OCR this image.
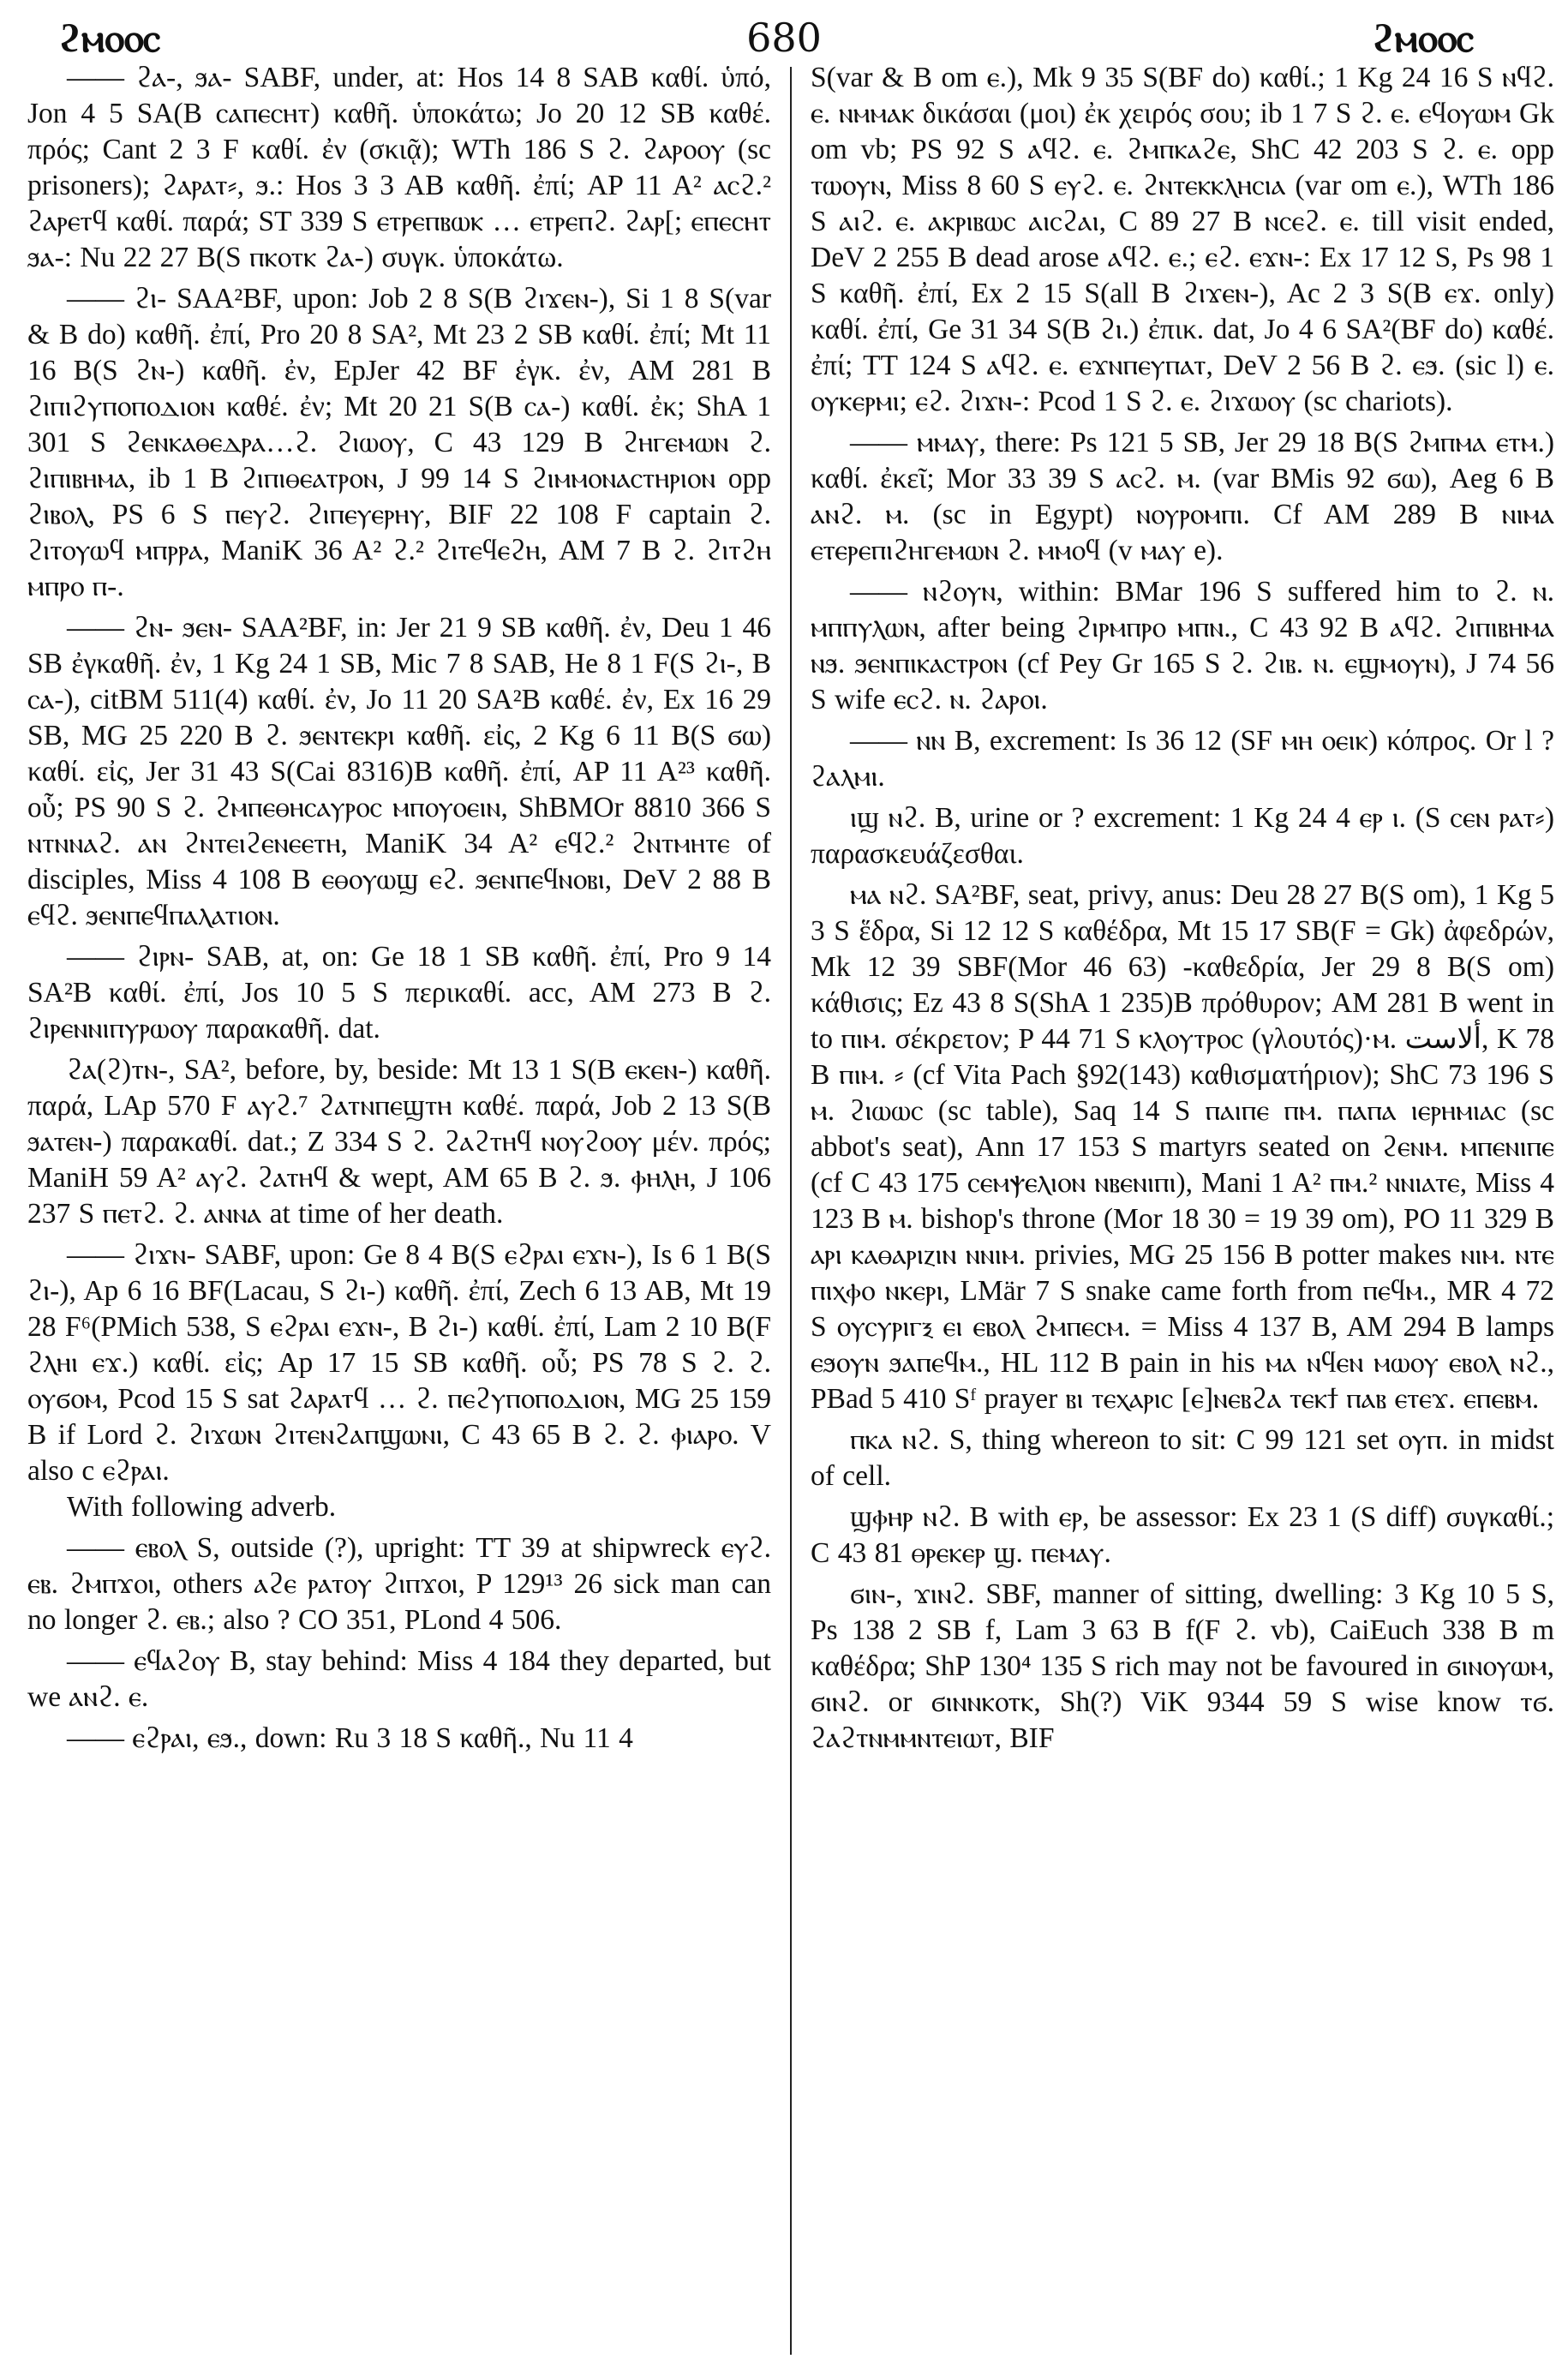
ϩⲙⲟⲟⲥ	680	ϩⲙⲟⲟⲥ

—— ϩⲁ-, ϧⲁ- SABF, under, at: Hos 14 8 SAB καθί. ὑπό, Jon 4 5 SA(B ⲥⲁⲡⲉⲥⲏⲧ) καθῆ. ὑποκάτω; Jo 20 12 SB καθέ. πρός; Cant 2 3 F καθί. ἐν (σκιᾷ); WTh 186 S ϩ. ϩⲁⲣⲟⲟⲩ (sc prisoners); ϩⲁⲣⲁⲧ⸗, ϧ.: Hos 3 3 AB καθῆ. ἐπί; AP 11 A² ⲁⲥϩ.² ϩⲁⲣⲉⲧϥ καθί. παρά; ST 339 S ⲉⲧⲣⲉⲡⲃⲱⲕ … ⲉⲧⲣⲉⲡϩ. ϩⲁⲣ[; ⲉⲡⲉⲥⲏⲧ ϧⲁ-: Nu 22 27 B(S ⲡⲕⲟⲧⲕ ϩⲁ-) συγκ. ὑποκάτω.

—— ϩⲓ- SAA²BF, upon: Job 2 8 S(B ϩⲓϫⲉⲛ-), Si 1 8 S(var & B do) καθῆ. ἐπί, Pro 20 8 SA², Mt 23 2 SB καθί. ἐπί; Mt 11 16 B(S ϩⲛ-) καθῆ. ἐν, EpJer 42 BF ἐγκ. ἐν, AM 281 B ϩⲓⲡⲓϩⲩⲡⲟⲡⲟⲇⲓⲟⲛ καθέ. ἐν; Mt 20 21 S(B ⲥⲁ-) καθί. ἐκ; ShA 1 301 S ϩⲉⲛⲕⲁⲑⲉⲇⲣⲁ…ϩ. ϩⲓⲱⲟⲩ, C 43 129 B ϩⲏⲅⲉⲙⲱⲛ ϩ. ϩⲓⲡⲓⲃⲏⲙⲁ, ib 1 B ϩⲓⲡⲓⲑⲉⲁⲧⲣⲟⲛ, J 99 14 S ϩⲓⲙⲙⲟⲛⲁⲥⲧⲏⲣⲓⲟⲛ opp ϩⲓⲃⲟⲗ, PS 6 S ⲡⲉⲩϩ. ϩⲓⲡⲉⲩⲉⲣⲏⲩ, BIF 22 108 F captain ϩ. ϩⲓⲧⲟⲩⲱϥ ⲙⲡⲣⲣⲁ, ManiK 36 A² ϩ.² ϩⲓⲧⲉϥⲉϩⲏ, AM 7 B ϩ. ϩⲓⲧϩⲏ ⲙⲡⲣⲟ ⲡ-.

—— ϩⲛ- ϧⲉⲛ- SAA²BF, in: Jer 21 9 SB καθῆ. ἐν, Deu 1 46 SB ἐγκαθῆ. ἐν, 1 Kg 24 1 SB, Mic 7 8 SAB, He 8 1 F(S ϩⲓ-, B ⲥⲁ-), citBM 511(4) καθί. ἐν, Jo 11 20 SA²B καθέ. ἐν, Ex 16 29 SB, MG 25 220 B ϩ. ϧⲉⲛⲧⲉⲕⲣⲓ καθῆ. εἰς, 2 Kg 6 11 B(S ϭⲱ) καθί. εἰς, Jer 31 43 S(Cai 8316)B καθῆ. ἐπί, AP 11 A²³ καθῆ. οὗ; PS 90 S ϩ. ϩⲙⲡⲉⲑⲏⲥⲁⲩⲣⲟⲥ ⲙⲡⲟⲩⲟⲉⲓⲛ, ShBMOr 8810 366 S ⲛⲧⲛⲛⲁϩ. ⲁⲛ ϩⲛⲧⲉⲓϩⲉⲛⲉⲉⲧⲏ, ManiK 34 A² ⲉϥϩ.² ϩⲛⲧⲙⲏⲧⲉ of disciples, Miss 4 108 B ⲉⲑⲟⲩⲱϣ ⲉϩ. ϧⲉⲛⲡⲉϥⲛⲟⲃⲓ, DeV 2 88 B ⲉϥϩ. ϧⲉⲛⲡⲉϥⲡⲁⲗⲁⲧⲓⲟⲛ.

—— ϩⲓⲣⲛ- SAB, at, on: Ge 18 1 SB καθῆ. ἐπί, Pro 9 14 SA²B καθί. ἐπί, Jos 10 5 S περικαθί. acc, AM 273 B ϩ. ϩⲓⲣⲉⲛⲛⲓⲡⲩⲣⲱⲟⲩ παρακαθῆ. dat.

ϩⲁ(ϩ)ⲧⲛ-, SA², before, by, beside: Mt 13 1 S(B ⲉⲕⲉⲛ-) καθῆ. παρά, LAp 570 F ⲁⲩϩ.⁷ ϩⲁⲧⲛⲡⲉϣⲧⲏ καθέ. παρά, Job 2 13 S(B ϧⲁⲧⲉⲛ-) παρακαθί. dat.; Z 334 S ϩ. ϩⲁϩⲧⲏϥ ⲛⲟⲩϩⲟⲟⲩ μέν. πρός; ManiH 59 A² ⲁⲩϩ. ϩⲁⲧⲏϥ & wept, AM 65 B ϩ. ϧ. ⲫⲏⲗⲏ, J 106 237 S ⲡⲉⲧϩ. ϩ. ⲁⲛⲛⲁ at time of her death.

—— ϩⲓϫⲛ- SABF, upon: Ge 8 4 B(S ⲉϩⲣⲁⲓ ⲉϫⲛ-), Is 6 1 B(S ϩⲓ-), Ap 6 16 BF(Lacau, S ϩⲓ-) καθῆ. ἐπί, Zech 6 13 AB, Mt 19 28 F⁶(PMich 538, S ⲉϩⲣⲁⲓ ⲉϫⲛ-, B ϩⲓ-) καθί. ἐπί, Lam 2 10 B(F ϩⲗⲏⲓ ⲉϫ.) καθί. εἰς; Ap 17 15 SB καθῆ. οὗ; PS 78 S ϩ. ϩ. ⲟⲩϭⲟⲙ, Pcod 15 S sat ϩⲁⲣⲁⲧϥ … ϩ. ⲡⲉϩⲩⲡⲟⲡⲟⲇⲓⲟⲛ, MG 25 159 B if Lord ϩ. ϩⲓϫⲱⲛ ϩⲓⲧⲉⲛϩⲁⲡϣⲱⲛⲓ, C 43 65 B ϩ. ϩ. ⲫⲓⲁⲣⲟ. V also c ⲉϩⲣⲁⲓ.

With following adverb.

—— ⲉⲃⲟⲗ S, outside (?), upright: TT 39 at shipwreck ⲉⲩϩ. ⲉⲃ. ϩⲙⲡϫⲟⲓ, others ⲁϩⲉ ⲣⲁⲧⲟⲩ ϩⲓⲡϫⲟⲓ, P 129¹³ 26 sick man can no longer ϩ. ⲉⲃ.; also ? CO 351, PLond 4 506.

—— ⲉϥⲁϩⲟⲩ B, stay behind: Miss 4 184 they departed, but we ⲁⲛϩ. ⲉ.

—— ⲉϩⲣⲁⲓ, ⲉϧ., down: Ru 3 18 S καθῆ., Nu 11 4

S(var & B om ⲉ.), Mk 9 35 S(BF do) καθί.; 1 Kg 24 16 S ⲛϥϩ. ⲉ. ⲛⲙⲙⲁⲕ δικάσαι (μοι) ἐκ χειρός σου; ib 1 7 S ϩ. ⲉ. ⲉϥⲟⲩⲱⲙ Gk om vb; PS 92 S ⲁϥϩ. ⲉ. ϩⲙⲡⲕⲁϩⲉ, ShC 42 203 S ϩ. ⲉ. opp ⲧⲱⲟⲩⲛ, Miss 8 60 S ⲉⲩϩ. ⲉ. ϩⲛⲧⲉⲕⲕⲗⲏⲥⲓⲁ (var om ⲉ.), WTh 186 S ⲁⲓϩ. ⲉ. ⲁⲕⲣⲓⲃⲱⲥ ⲁⲓⲥϩⲁⲓ, C 89 27 B ⲛⲥⲉϩ. ⲉ. till visit ended, DeV 2 255 B dead arose ⲁϥϩ. ⲉ.; ⲉϩ. ⲉϫⲛ-: Ex 17 12 S, Ps 98 1 S καθῆ. ἐπί, Ex 2 15 S(all B ϩⲓϫⲉⲛ-), Ac 2 3 S(B ⲉϫ. only) καθί. ἐπί, Ge 31 34 S(B ϩⲓ.) ἐπικ. dat, Jo 4 6 SA²(BF do) καθέ. ἐπί; TT 124 S ⲁϥϩ. ⲉ. ⲉϫⲛⲡⲉⲩⲡⲁⲧ, DeV 2 56 B ϩ. ⲉϧ. (sic l) ⲉ. ⲟⲩⲕⲉⲣⲙⲓ; ⲉϩ. ϩⲓϫⲛ-: Pcod 1 S ϩ. ⲉ. ϩⲓϫⲱⲟⲩ (sc chariots).

—— ⲙⲙⲁⲩ, there: Ps 121 5 SB, Jer 29 18 B(S ϩⲙⲡⲙⲁ ⲉⲧⲙ.) καθί. ἐκεῖ; Mor 33 39 S ⲁⲥϩ. ⲙ. (var BMis 92 ϭⲱ), Aeg 6 B ⲁⲛϩ. ⲙ. (sc in Egypt) ⲛⲟⲩⲣⲟⲙⲡⲓ. Cf AM 289 B ⲛⲓⲙⲁ ⲉⲧⲉⲣⲉⲡⲓϩⲏⲅⲉⲙⲱⲛ ϩ. ⲙⲙⲟϥ (v ⲙⲁⲩ e).

—— ⲛϩⲟⲩⲛ, within: BMar 196 S suffered him to ϩ. ⲛ. ⲙⲡⲡⲩⲗⲱⲛ, after being ϩⲓⲣⲙⲡⲣⲟ ⲙⲡⲛ., C 43 92 B ⲁϥϩ. ϩⲓⲡⲓⲃⲏⲙⲁ ⲛϧ. ϧⲉⲛⲡⲓⲕⲁⲥⲧⲣⲟⲛ (cf Pey Gr 165 S ϩ. ϩⲓⲃ. ⲛ. ⲉϣⲙⲟⲩⲛ), J 74 56 S wife ⲉⲥϩ. ⲛ. ϩⲁⲣⲟⲓ.

—— ⲛⲛ B, excrement: Is 36 12 (SF ⲙⲏ ⲟⲉⲓⲕ) κόπρος. Or l ? ϩⲁⲗⲙⲓ.

ⲓϣ ⲛϩ. B, urine or ? excrement: 1 Kg 24 4 ⲉⲣ ⲓ. (S ⲥⲉⲛ ⲣⲁⲧ⸗) παρασκευάζεσθαι.

ⲙⲁ ⲛϩ. SA²BF, seat, privy, anus: Deu 28 27 B(S om), 1 Kg 5 3 S ἕδρα, Si 12 12 S καθέδρα, Mt 15 17 SB(F = Gk) ἀφεδρών, Mk 12 39 SBF(Mor 46 63) -καθεδρία, Jer 29 8 B(S om) κάθισις; Ez 43 8 S(ShA 1 235)B πρόθυρον; AM 281 B went in to ⲡⲓⲙ. σέκρετον; P 44 71 S ⲕⲗⲟⲩⲧⲣⲟⲥ (γλουτός)·ⲙ. ألاست, K 78 B ⲡⲓⲙ. ⸗ (cf Vita Pach §92(143) καθισματήριον); ShC 73 196 S ⲙ. ϩⲓⲱⲱⲥ (sc table), Saq 14 S ⲡⲁⲓⲡⲉ ⲡⲙ. ⲡⲁⲡⲁ ⲓⲉⲣⲏⲙⲓⲁⲥ (sc abbot's seat), Ann 17 153 S martyrs seated on ϩⲉⲛⲙ. ⲙⲡⲉⲛⲓⲡⲉ (cf C 43 175 ⲥⲉⲙⲯⲉⲗⲓⲟⲛ ⲛⲃⲉⲛⲓⲡⲓ), Mani 1 A² ⲡⲙ.² ⲛⲛⲓⲁⲧⲉ, Miss 4 123 B ⲙ. bishop's throne (Mor 18 30 = 19 39 om), PO 11 329 B ⲁⲣⲓ ⲕⲁⲑⲁⲣⲓⲍⲓⲛ ⲛⲛⲓⲙ. privies, MG 25 156 B potter makes ⲛⲓⲙ. ⲛⲧⲉ ⲡⲓⲭⲫⲟ ⲛⲕⲉⲣⲓ, LMär 7 S snake came forth from ⲡⲉϥⲙ., MR 4 72 S ⲟⲩⲥⲩⲣⲓⲅⲝ ⲉⲓ ⲉⲃⲟⲗ ϩⲙⲡⲉⲥⲙ. = Miss 4 137 B, AM 294 B lamps ⲉϧⲟⲩⲛ ϧⲁⲡⲉϥⲙ., HL 112 B pain in his ⲙⲁ ⲛϥⲉⲛ ⲙⲱⲟⲩ ⲉⲃⲟⲗ ⲛϩ., PBad 5 410 Sᶠ prayer ⲃⲓ ⲧⲉⲭⲁⲣⲓⲥ [ⲉ]ⲛⲉⲃϩⲁ ⲧⲉⲕϯ ⲡⲁⲃ ⲉⲧⲉϫ. ⲉⲡⲉⲃⲙ.

ⲡⲕⲁ ⲛϩ. S, thing whereon to sit: C 99 121 set ⲟⲩⲡ. in midst of cell.

ϣⲫⲏⲣ ⲛϩ. B with ⲉⲣ, be assessor: Ex 23 1 (S diff) συγκαθί.; C 43 81 ⲑⲣⲉⲕⲉⲣ ϣ. ⲡⲉⲙⲁⲩ.

ϭⲓⲛ-, ϫⲓⲛϩ. SBF, manner of sitting, dwelling: 3 Kg 10 5 S, Ps 138 2 SB f, Lam 3 63 B f(F ϩ. vb), CaiEuch 338 B m καθέδρα; ShP 130⁴ 135 S rich may not be favoured in ϭⲓⲛⲟⲩⲱⲙ, ϭⲓⲛϩ. or ϭⲓⲛⲛⲕⲟⲧⲕ, Sh(?) ViK 9344 59 S wise know ⲧϭ. ϩⲁϩⲧⲛⲙⲙⲛⲧⲉⲓⲱⲧ, BIF
